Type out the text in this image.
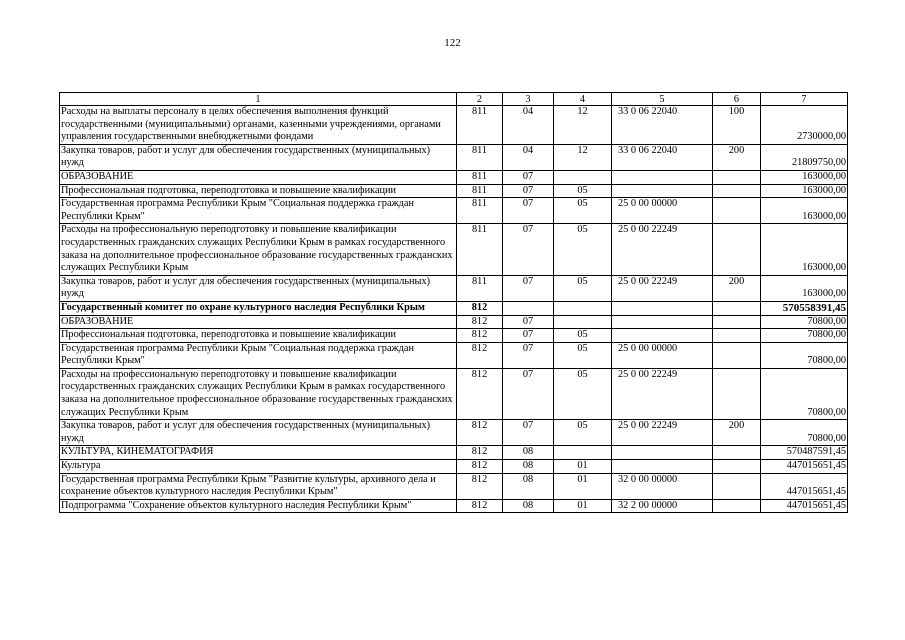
122
1	2	3	4	5	6	7
Расходы на выплаты персоналу в целях обеспечения выполнения функций государственными (муниципальными) органами, казенными учреждениями, органами управления государственными внебюджетными фондами	811	04	12	33 0 06 22040	100	2730000,00
Закупка товаров, работ и услуг для обеспечения государственных (муниципальных) нужд	811	04	12	33 0 06 22040	200	21809750,00
ОБРАЗОВАНИЕ	811	07				163000,00
Профессиональная подготовка, переподготовка и повышение квалификации	811	07	05			163000,00
Государственная программа Республики Крым "Социальная поддержка граждан Республики Крым"	811	07	05	25 0 00 00000		163000,00
Расходы на профессиональную переподготовку и повышение квалификации государственных гражданских служащих Республики Крым в рамках государственного заказа на дополнительное профессиональное образование государственных гражданских служащих Республики Крым	811	07	05	25 0 00 22249		163000,00
Закупка товаров, работ и услуг для обеспечения государственных (муниципальных) нужд	811	07	05	25 0 00 22249	200	163000,00
Государственный комитет по охране культурного наследия Республики Крым	812					570558391,45
ОБРАЗОВАНИЕ	812	07				70800,00
Профессиональная подготовка, переподготовка и повышение квалификации	812	07	05			70800,00
Государственная программа Республики Крым "Социальная поддержка граждан Республики Крым"	812	07	05	25 0 00 00000		70800,00
Расходы на профессиональную переподготовку и повышение квалификации государственных гражданских служащих Республики Крым в рамках государственного заказа на дополнительное профессиональное образование государственных гражданских служащих Республики Крым	812	07	05	25 0 00 22249		70800,00
Закупка товаров, работ и услуг для обеспечения государственных (муниципальных) нужд	812	07	05	25 0 00 22249	200	70800,00
КУЛЬТУРА, КИНЕМАТОГРАФИЯ	812	08				570487591,45
Культура	812	08	01			447015651,45
Государственная программа Республики Крым "Развитие культуры, архивного дела и сохранение объектов культурного наследия Республики Крым"	812	08	01	32 0 00 00000		447015651,45
Подпрограмма "Сохранение объектов культурного наследия Республики Крым"	812	08	01	32 2 00 00000		447015651,45
